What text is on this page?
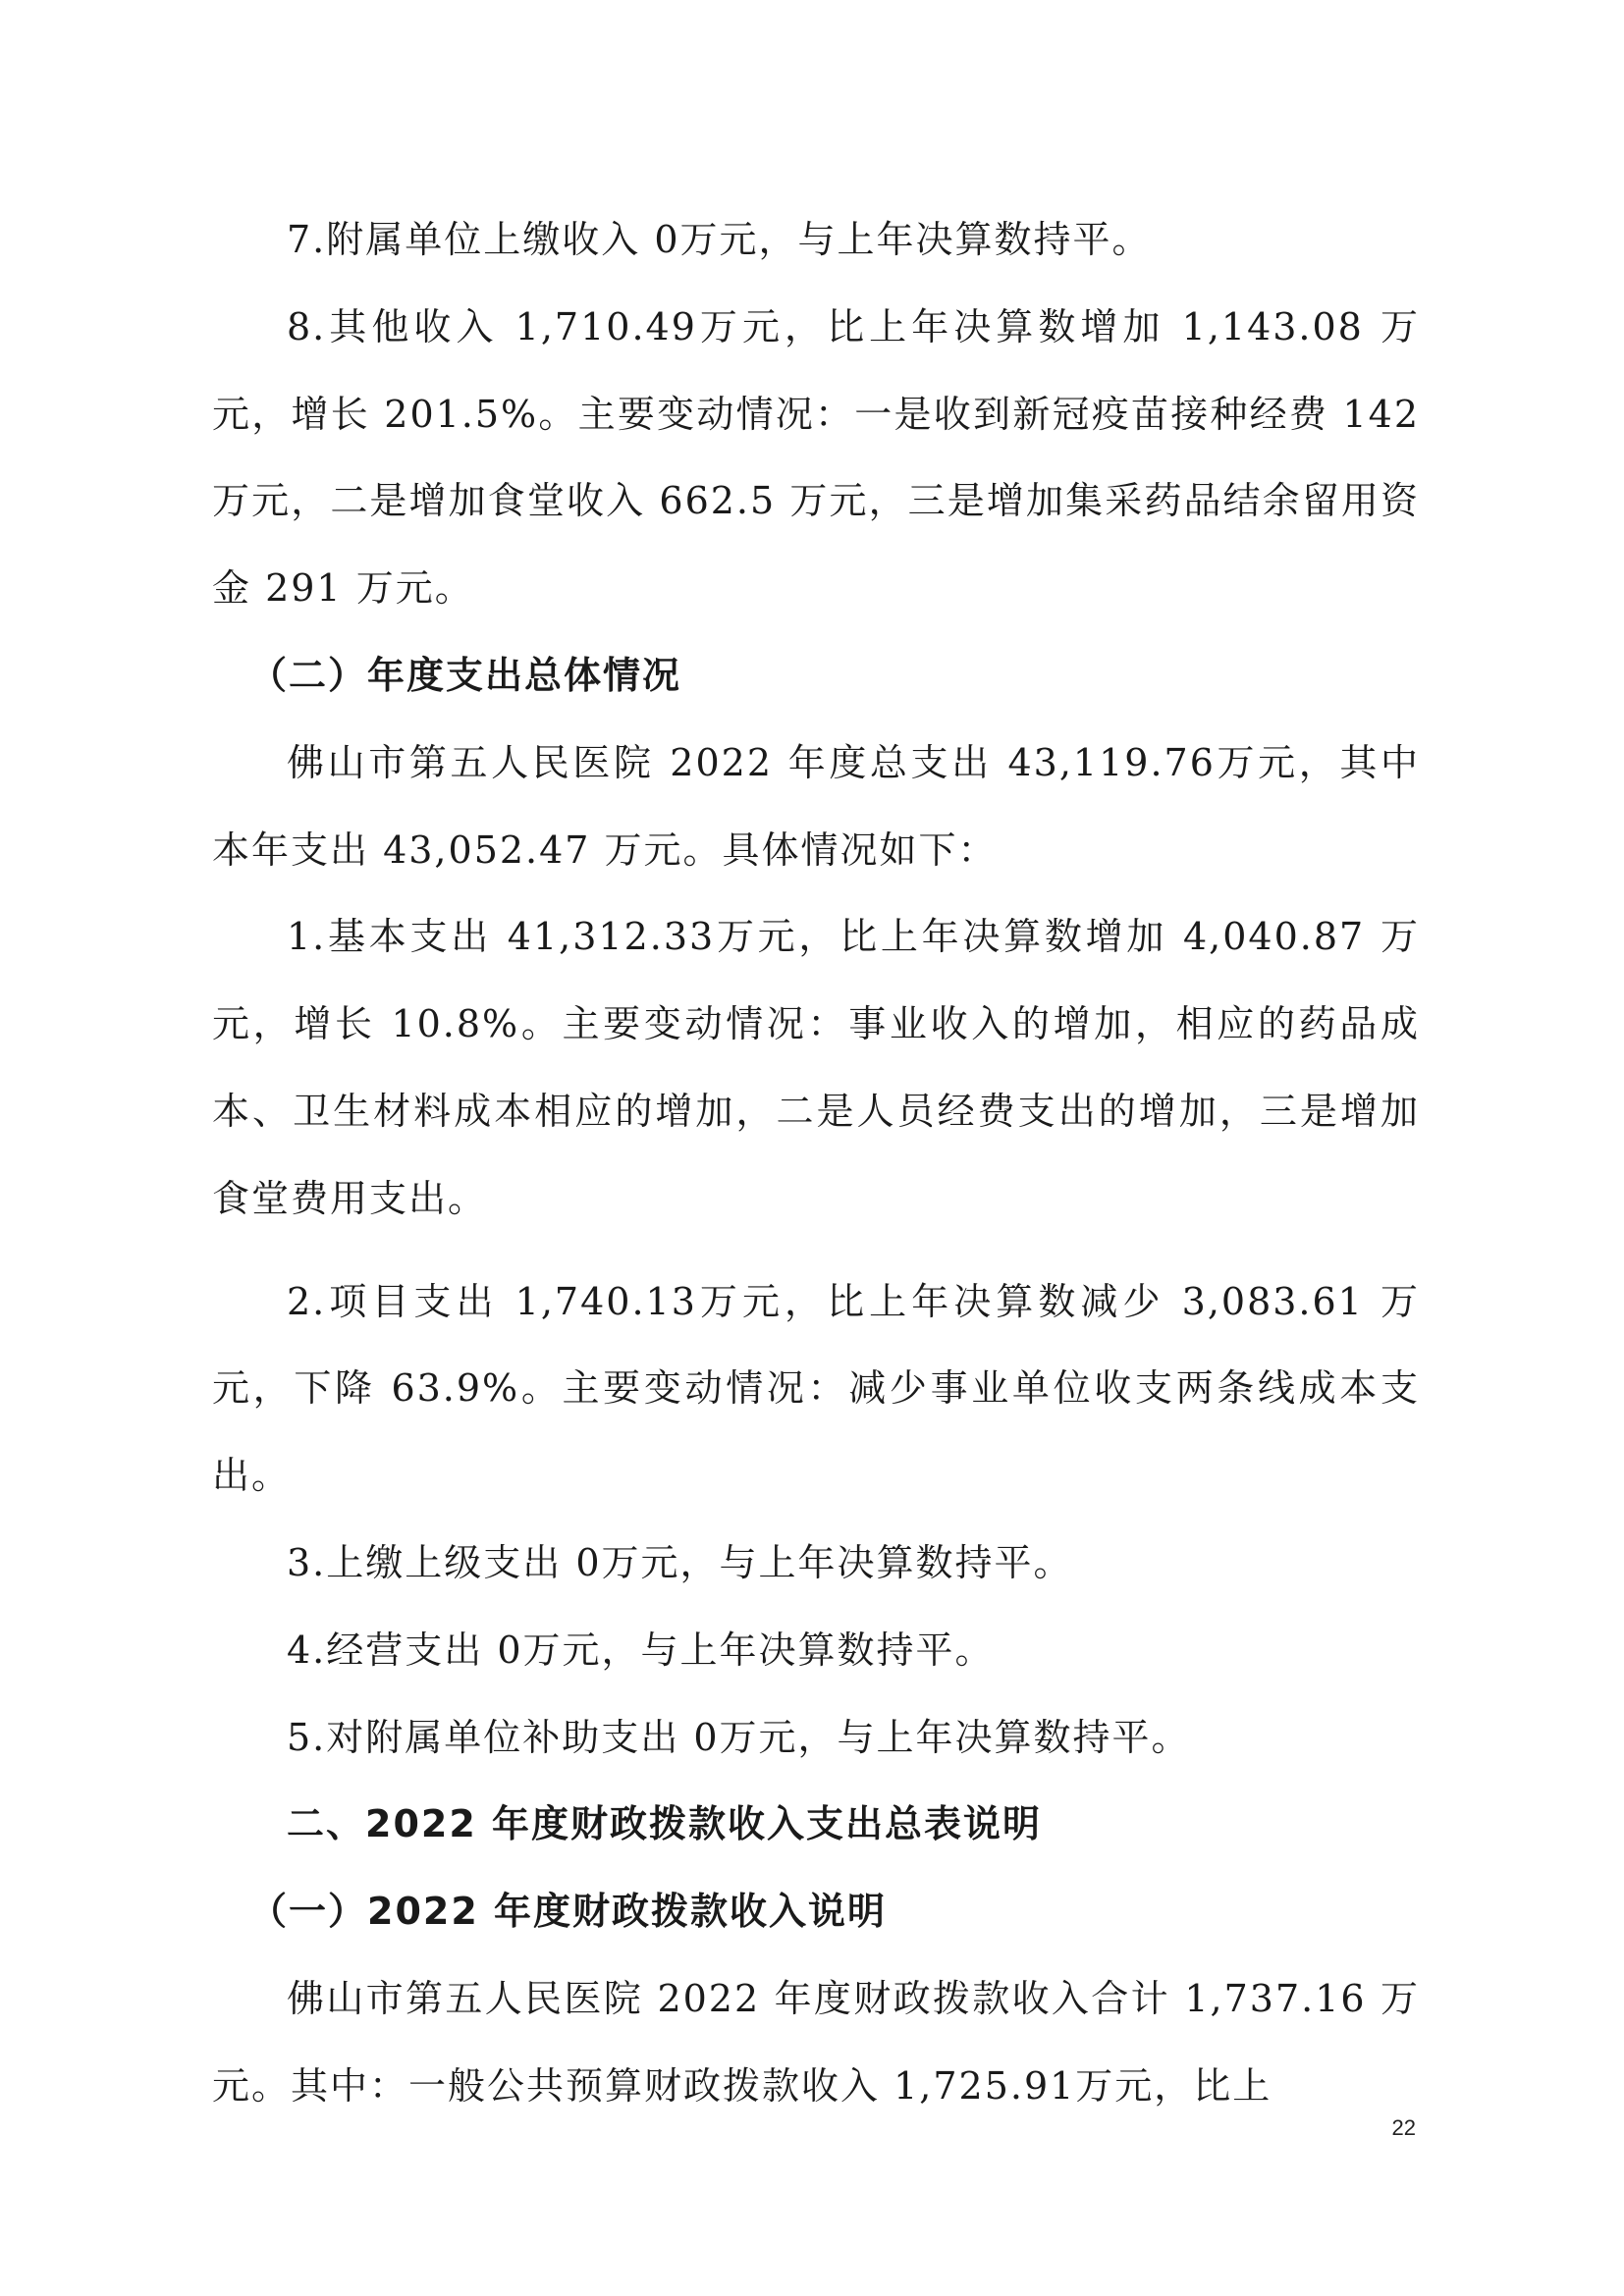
7.附属单位上缴收入 0万元，与上年决算数持平。

8.其他收入 1,710.49万元，比上年决算数增加 1,143.08 万元，增长 201.5%。主要变动情况：一是收到新冠疫苗接种经费 142 万元，二是增加食堂收入 662.5 万元，三是增加集采药品结余留用资金 291 万元。

（二）年度支出总体情况

佛山市第五人民医院 2022 年度总支出 43,119.76万元，其中本年支出 43,052.47 万元。具体情况如下：

1.基本支出 41,312.33万元，比上年决算数增加 4,040.87 万元，增长 10.8%。主要变动情况：事业收入的增加，相应的药品成本、卫生材料成本相应的增加，二是人员经费支出的增加，三是增加食堂费用支出。

2.项目支出 1,740.13万元，比上年决算数减少 3,083.61 万元，下降 63.9%。主要变动情况：减少事业单位收支两条线成本支出。

3.上缴上级支出 0万元，与上年决算数持平。

4.经营支出 0万元，与上年决算数持平。

5.对附属单位补助支出 0万元，与上年决算数持平。

二、2022 年度财政拨款收入支出总表说明

（一）2022 年度财政拨款收入说明

佛山市第五人民医院 2022 年度财政拨款收入合计 1,737.16 万元。其中：一般公共预算财政拨款收入 1,725.91万元，比上

22
